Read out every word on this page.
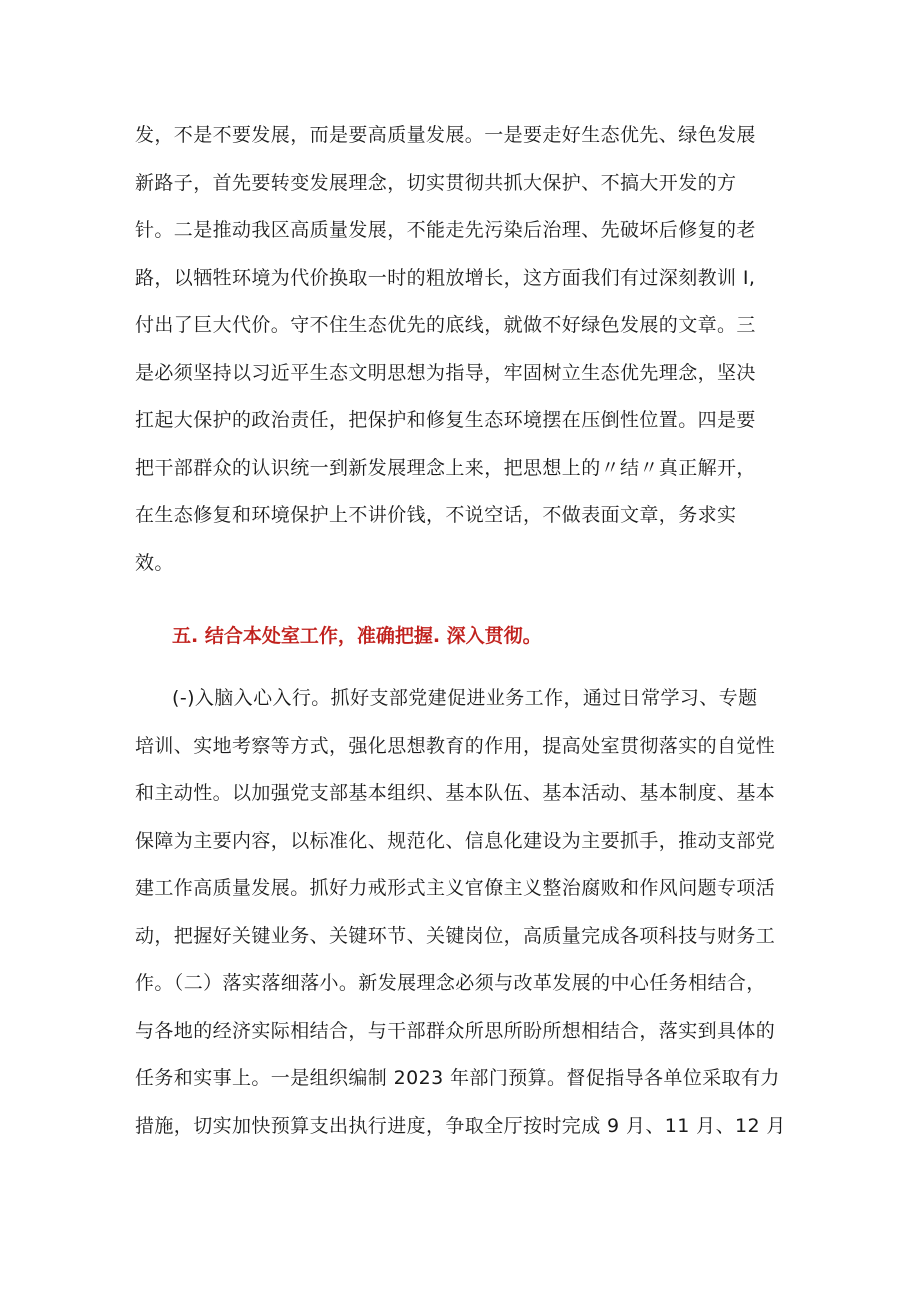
发，不是不要发展，而是要高质量发展。一是要走好生态优先、绿色发展
新路子，首先要转变发展理念，切实贯彻共抓大保护、不搞大开发的方
针。二是推动我区高质量发展，不能走先污染后治理、先破坏后修复的老
路，以牺牲环境为代价换取一时的粗放增长，这方面我们有过深刻教训 I,
付出了巨大代价。守不住生态优先的底线，就做不好绿色发展的文章。三
是必须坚持以习近平生态文明思想为指导，牢固树立生态优先理念，坚决
扛起大保护的政治责任，把保护和修复生态环境摆在压倒性位置。四是要
把干部群众的认识统一到新发展理念上来，把思想上的〃结〃真正解开，
在生态修复和环境保护上不讲价钱，不说空话，不做表面文章，务求实
效。
五. 结合本处室工作，准确把握. 深入贯彻。
(-)入脑入心入行。抓好支部党建促进业务工作，通过日常学习、专题
培训、实地考察等方式，强化思想教育的作用，提高处室贯彻落实的自觉性
和主动性。以加强党支部基本组织、基本队伍、基本活动、基本制度、基本
保障为主要内容，以标准化、规范化、信息化建设为主要抓手，推动支部党
建工作高质量发展。抓好力戒形式主义官僚主义整治腐败和作风问题专项活
动，把握好关键业务、关键环节、关键岗位，高质量完成各项科技与财务工
作。（二）落实落细落小。新发展理念必须与改革发展的中心任务相结合，
与各地的经济实际相结合，与干部群众所思所盼所想相结合，落实到具体的
任务和实事上。一是组织编制 2023 年部门预算。督促指导各单位采取有力
措施，切实加快预算支出执行进度，争取全厅按时完成 9 月、11 月、12 月
